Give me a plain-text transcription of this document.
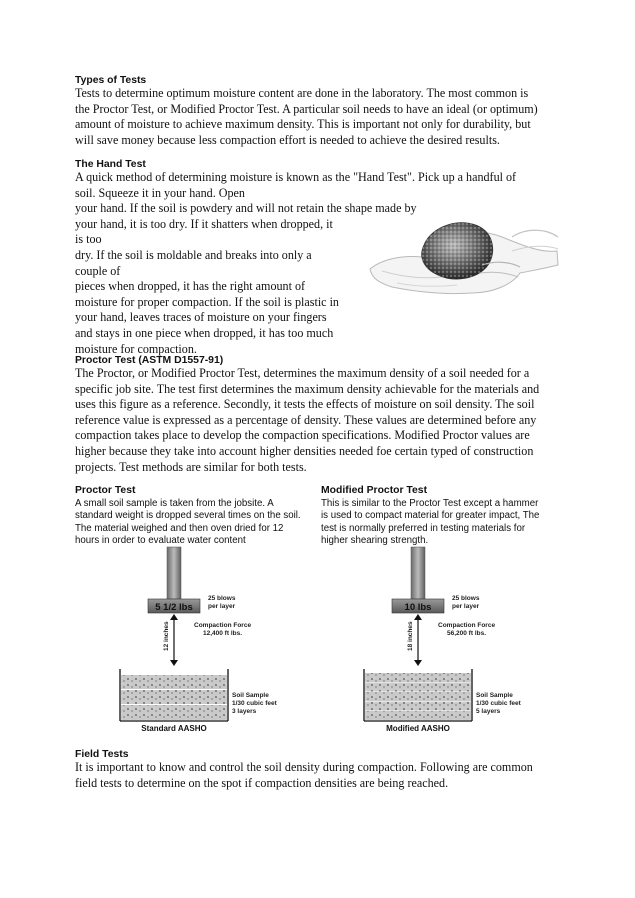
Types of Tests
Tests to determine optimum moisture content are done in the laboratory. The most common is
the Proctor Test, or Modified Proctor Test. A particular soil needs to have an ideal (or optimum)
amount of moisture to achieve maximum density. This is important not only for durability, but
will save money because less compaction effort is needed to achieve the desired results.
The Hand Test
A quick method of determining moisture is known as the "Hand Test". Pick up a handful of
soil. Squeeze it in your hand. Open
your hand. If the soil is powdery and will not retain the shape made by
your hand, it is too dry. If it shatters when dropped, it
is too
dry. If the soil is moldable and breaks into only a
couple of
pieces when dropped, it has the right amount of
moisture for proper compaction. If the soil is plastic in
your hand, leaves traces of moisture on your fingers
and stays in one piece when dropped, it has too much
moisture for compaction.
Proctor Test (ASTM D1557-91)
The Proctor, or Modified Proctor Test, determines the maximum density of a soil needed for a
specific job site. The test first determines the maximum density achievable for the materials and
uses this figure as a reference. Secondly, it tests the effects of moisture on soil density. The soil
reference value is expressed as a percentage of density. These values are determined before any
compaction takes place to develop the compaction specifications. Modified Proctor values are
higher because they take into account higher densities needed foe certain typed of construction
projects. Test methods are similar for both tests.
Proctor Test
A small soil sample is taken from the jobsite. A
standard weight is dropped several times on the soil.
The material weighed and then oven dried for 12
hours in order to evaluate water content
Modified Proctor Test
This is similar to the Proctor Test except a hammer
is used to compact material for greater impact, The
test is normally preferred in testing materials for
higher shearing strength.
5 1/2 lbs
25 blows
per layer
12 inches	Compaction Force
12,400 ft lbs.
Soil Sample
1/30 cubic feet
3 layers
Standard AASHO
10 lbs
25 blows
per layer
18 inches	Compaction Force
56,200 ft lbs.
Soil Sample
1/30 cubic feet
5 layers
Modified AASHO
Field Tests
It is important to know and control the soil density during compaction. Following are common
field tests to determine on the spot if compaction densities are being reached.
